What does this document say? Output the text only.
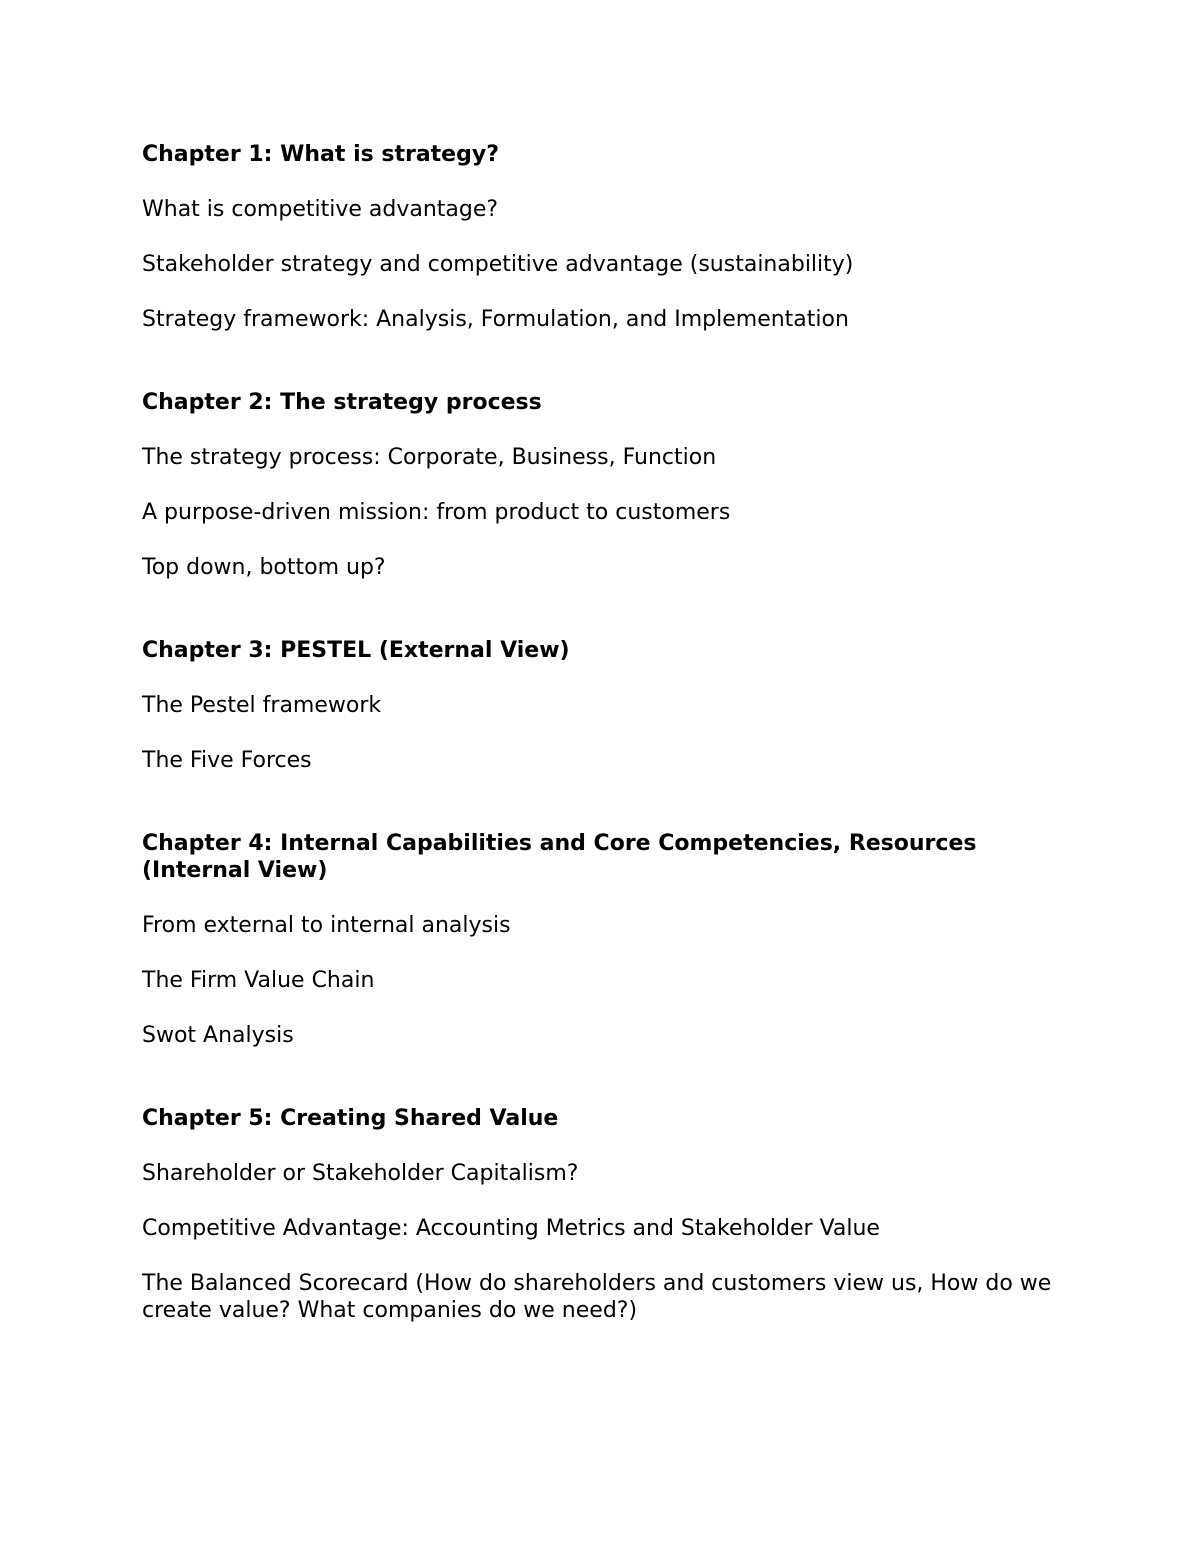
Chapter 1: What is strategy?

What is competitive advantage?

Stakeholder strategy and competitive advantage (sustainability)

Strategy framework: Analysis, Formulation, and Implementation

Chapter 2: The strategy process

The strategy process: Corporate, Business, Function

A purpose-driven mission: from product to customers

Top down, bottom up?

Chapter 3: PESTEL (External View)

The Pestel framework

The Five Forces

Chapter 4: Internal Capabilities and Core Competencies, Resources (Internal View)

From external to internal analysis

The Firm Value Chain

Swot Analysis

Chapter 5: Creating Shared Value

Shareholder or Stakeholder Capitalism?

Competitive Advantage: Accounting Metrics and Stakeholder Value

The Balanced Scorecard (How do shareholders and customers view us, How do we create value? What companies do we need?)
